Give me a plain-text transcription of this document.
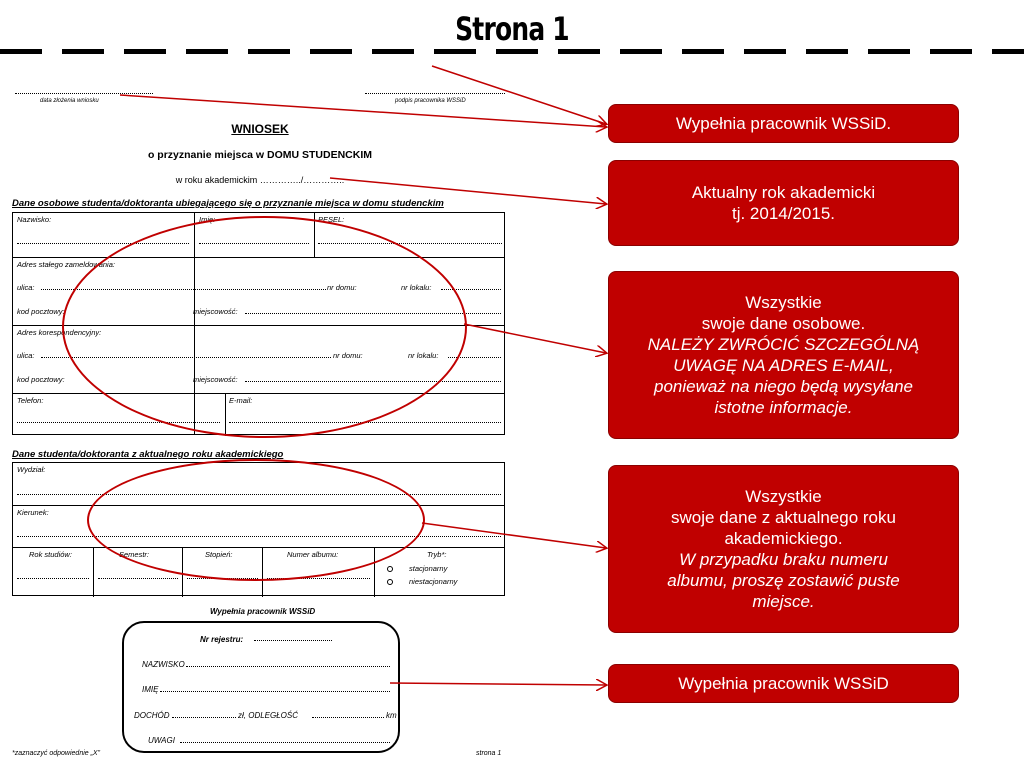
Strona 1
data złożenia wniosku	podpis pracownika WSSiD
WNIOSEK
o przyznanie miejsca w DOMU STUDENCKIM
w roku akademickim …………../…………..
Dane osobowe studenta/doktoranta ubiegającego się o przyznanie miejsca w domu studenckim
Nazwisko:	Imię:	PESEL:
Adres stałego zameldowania:
ulica:	nr domu:	nr lokalu:
kod pocztowy:	miejscowość:
Adres korespondencyjny:
ulica:	nr domu:	nr lokalu:
kod pocztowy:	miejscowość:
Telefon:	E-mail:
Dane studenta/doktoranta z aktualnego roku akademickiego
Wydział:
Kierunek:
Rok studiów:	Semestr:	Stopień:	Numer albumu:	Tryb*:
stacjonarny
niestacjonarny
Wypełnia pracownik WSSiD
Nr rejestru:
NAZWISKO
IMIĘ
DOCHÓD	zł, ODLEGŁOŚĆ	km
UWAGI
*zaznaczyć odpowiednie „X”	strona 1
Wypełnia pracownik WSSiD.
Aktualny rok akademicki
tj. 2014/2015.
Wszystkie
swoje dane osobowe.
NALEŻY ZWRÓCIĆ SZCZEGÓLNĄ
UWAGĘ NA ADRES E-MAIL,
ponieważ na niego będą wysyłane
istotne informacje.
Wszystkie
swoje dane z aktualnego roku
akademickiego.
W przypadku braku numeru
albumu, proszę zostawić puste
miejsce.
Wypełnia pracownik WSSiD
